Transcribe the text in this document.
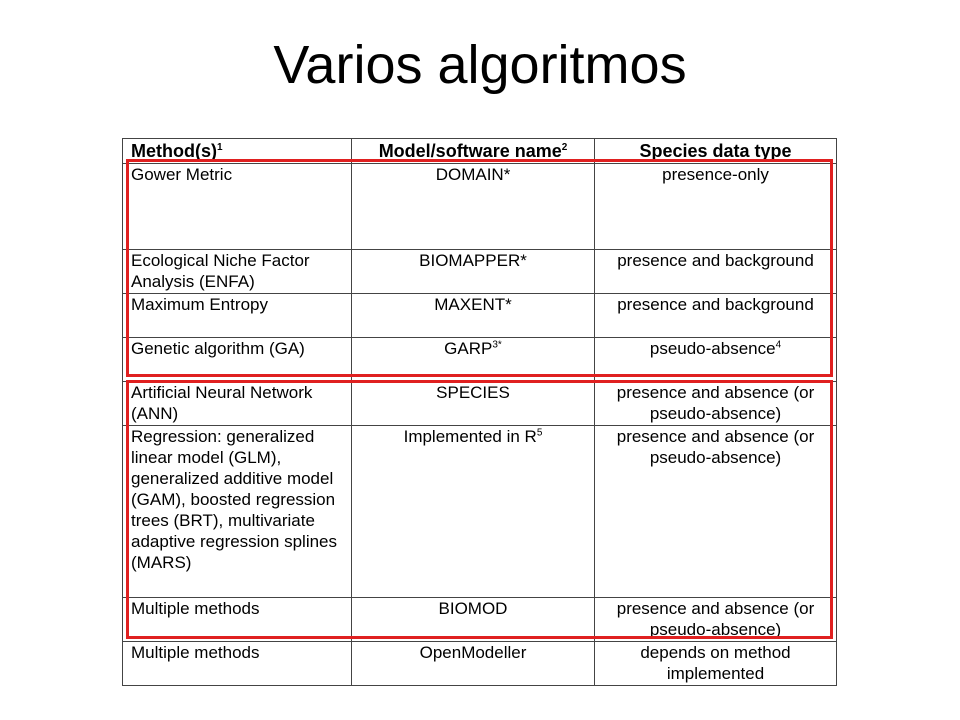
Varios algoritmos
$Method(s)^1$	Model/software name$^2$	Species data type
Gower Metric	DOMAIN*	presence-only
Ecological Niche Factor Analysis (ENFA)	BIOMAPPER*	presence and background
Maximum Entropy	MAXENT*	presence and background
Genetic algorithm (GA)	$GARP^{3*}$	pseudo-absence$^4$
Artificial Neural Network (ANN)	SPECIES	presence and absence (or pseudo-absence)
Regression: generalized linear model (GLM), generalized additive model (GAM), boosted regression trees (BRT), multivariate adaptive regression splines (MARS)	Implemented in $R^5$	presence and absence (or pseudo-absence)
Multiple methods	BIOMOD	presence and absence (or pseudo-absence)
Multiple methods	OpenModeller	depends on method implemented
